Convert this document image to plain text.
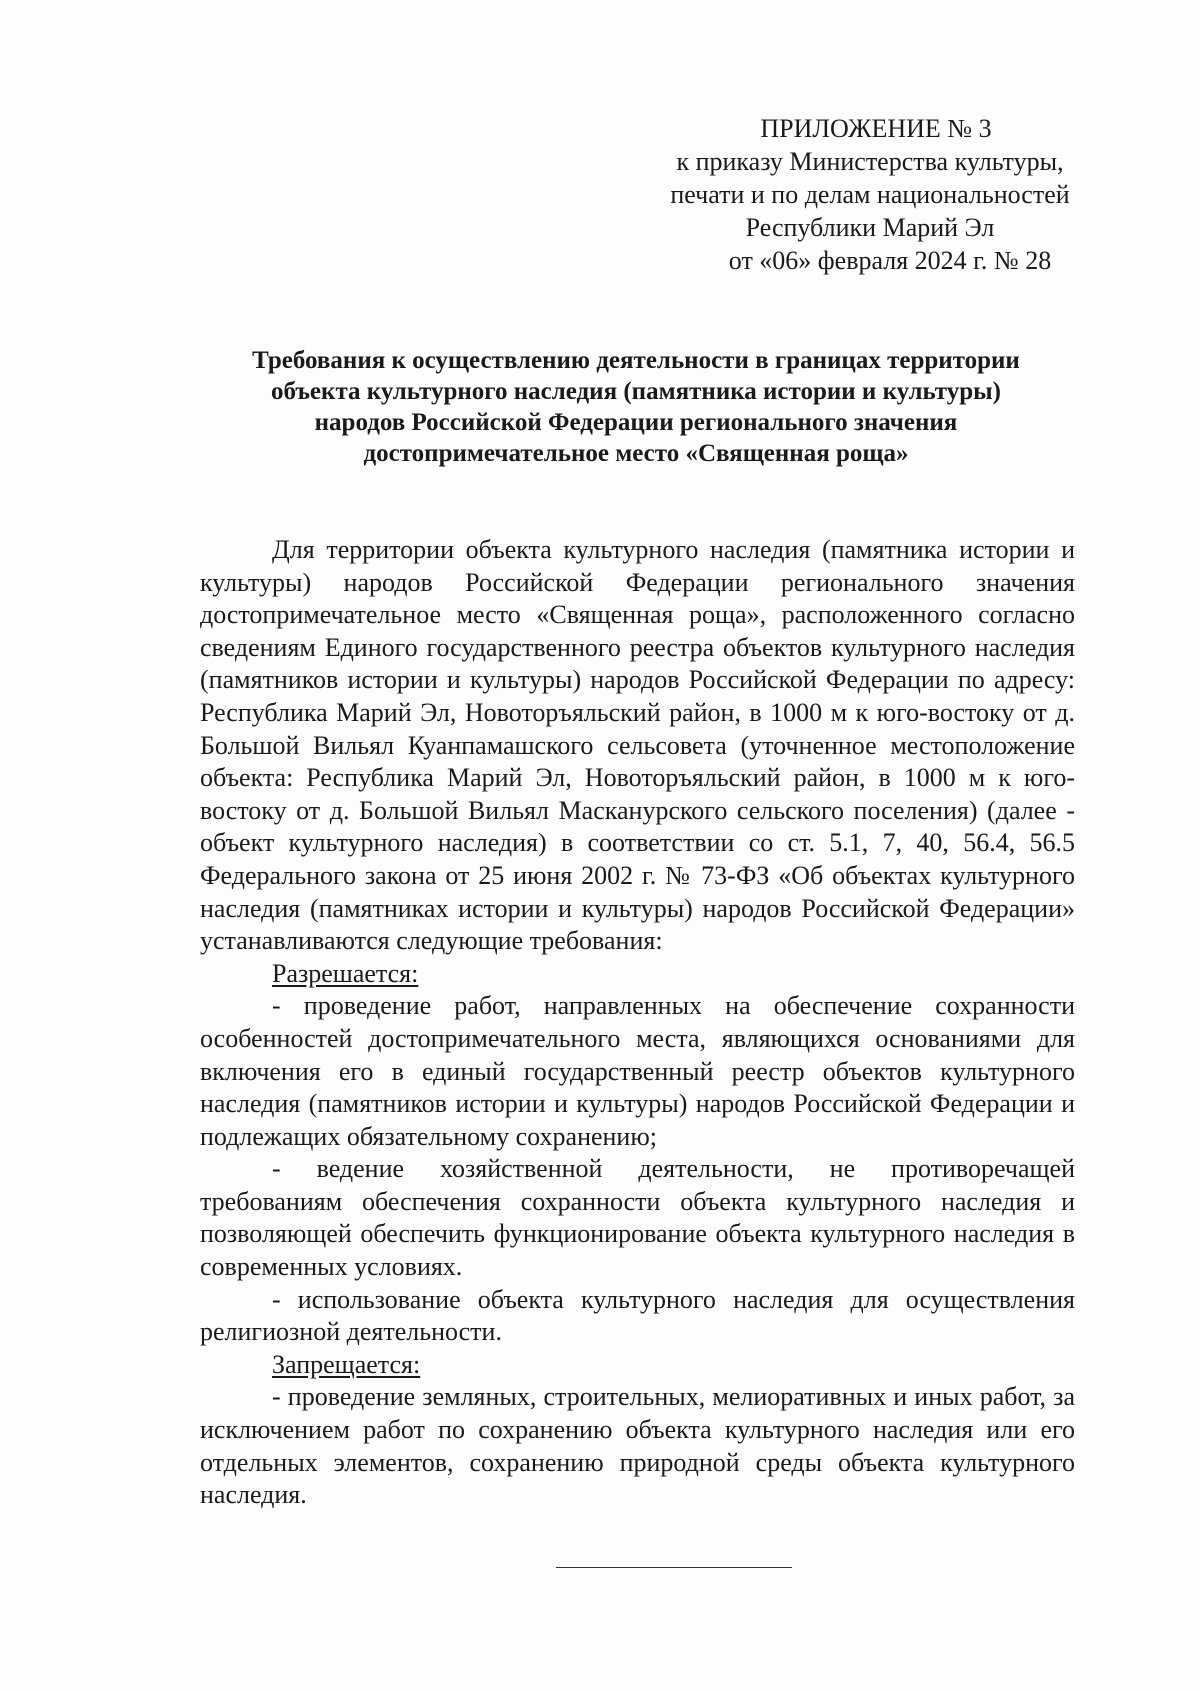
ПРИЛОЖЕНИЕ № 3
к приказу Министерства культуры,
печати и по делам национальностей
Республики Марий Эл
от «06» февраля 2024 г. № 28
Требования к осуществлению деятельности в границах территории
объекта культурного наследия (памятника истории и культуры)
народов Российской Федерации регионального значения
достопримечательное место «Священная роща»

Для территории объекта культурного наследия (памятника истории и культуры) народов Российской Федерации регионального значения достопримечательное место «Священная роща», расположенного согласно сведениям Единого государственного реестра объектов культурного наследия (памятников истории и культуры) народов Российской Федерации по адресу: Республика Марий Эл, Новоторъяльский район, в 1000 м к юго-востоку от д. Большой Вильял Куанпамашского сельсовета (уточненное местоположение объекта: Республика Марий Эл, Новоторъяльский район, в 1000 м к юго-востоку от д. Большой Вильял Масканурского сельского поселения) (далее - объект культурного наследия) в соответствии со ст. 5.1, 7, 40, 56.4, 56.5 Федерального закона от 25 июня 2002 г. № 73-ФЗ «Об объектах культурного наследия (памятниках истории и культуры) народов Российской Федерации» устанавливаются следующие требования:

Разрешается:

- проведение работ, направленных на обеспечение сохранности особенностей достопримечательного места, являющихся основаниями для включения его в единый государственный реестр объектов культурного наследия (памятников истории и культуры) народов Российской Федерации и подлежащих обязательному сохранению;

- ведение хозяйственной деятельности, не противоречащей требованиям обеспечения сохранности объекта культурного наследия и позволяющей обеспечить функционирование объекта культурного наследия в современных условиях.

- использование объекта культурного наследия для осуществления религиозной деятельности.

Запрещается:

- проведение земляных, строительных, мелиоративных и иных работ, за исключением работ по сохранению объекта культурного наследия или его отдельных элементов, сохранению природной среды объекта культурного наследия.
